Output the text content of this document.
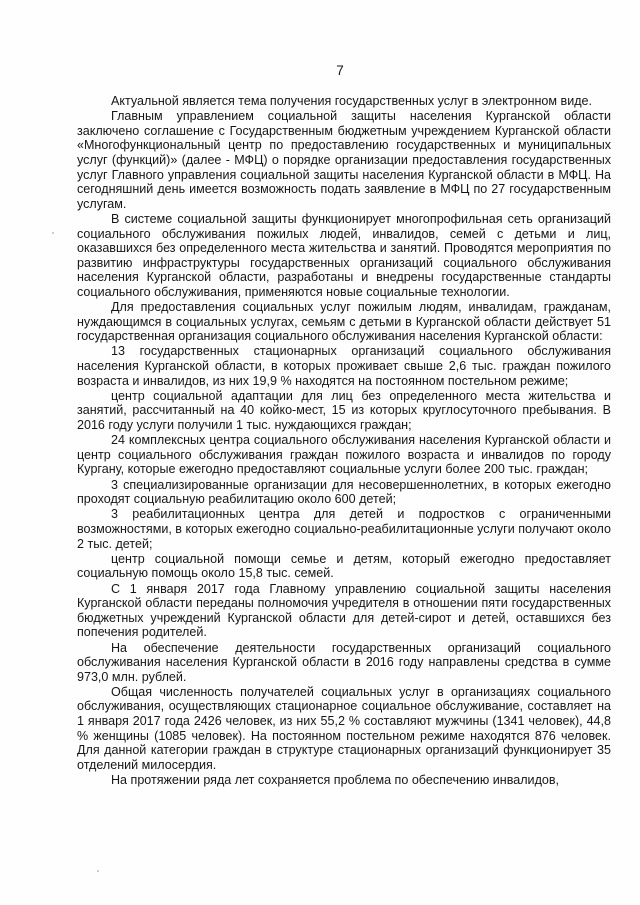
7

Актуальной является тема получения государственных услуг в электронном виде.

Главным управлением социальной защиты населения Курганской области заключено соглашение с Государственным бюджетным учреждением Курганской области «Многофункциональный центр по предоставлению государственных и муниципальных услуг (функций)» (далее - МФЦ) о порядке организации предоставления государственных услуг Главного управления социальной защиты населения Курганской области в МФЦ. На сегодняшний день имеется возможность подать заявление в МФЦ по 27 государственным услугам.

В системе социальной защиты функционирует многопрофильная сеть организаций социального обслуживания пожилых людей, инвалидов, семей с детьми и лиц, оказавшихся без определенного места жительства и занятий. Проводятся мероприятия по развитию инфраструктуры государственных организаций социального обслуживания населения Курганской области, разработаны и внедрены государственные стандарты социального обслуживания, применяются новые социальные технологии.

Для предоставления социальных услуг пожилым людям, инвалидам, гражданам, нуждающимся в социальных услугах, семьям с детьми в Курганской области действует 51 государственная организация социального обслуживания населения Курганской области:

13 государственных стационарных организаций социального обслуживания населения Курганской области, в которых проживает свыше 2,6 тыс. граждан пожилого возраста и инвалидов, из них 19,9 % находятся на постоянном постельном режиме;

центр социальной адаптации для лиц без определенного места жительства и занятий, рассчитанный на 40 койко-мест, 15 из которых круглосуточного пребывания. В 2016 году услуги получили 1 тыс. нуждающихся граждан;

24 комплексных центра социального обслуживания населения Курганской области и центр социального обслуживания граждан пожилого возраста и инвалидов по городу Кургану, которые ежегодно предоставляют социальные услуги более 200 тыс. граждан;

3 специализированные организации для несовершеннолетних, в которых ежегодно проходят социальную реабилитацию около 600 детей;

3 реабилитационных центра для детей и подростков с ограниченными возможностями, в которых ежегодно социально-реабилитационные услуги получают около 2 тыс. детей;

центр социальной помощи семье и детям, который ежегодно предоставляет социальную помощь около 15,8 тыс. семей.

С 1 января 2017 года Главному управлению социальной защиты населения Курганской области переданы полномочия учредителя в отношении пяти государственных бюджетных учреждений Курганской области для детей-сирот и детей, оставшихся без попечения родителей.

На обеспечение деятельности государственных организаций социального обслуживания населения Курганской области в 2016 году направлены средства в сумме 973,0 млн. рублей.

Общая численность получателей социальных услуг в организациях социального обслуживания, осуществляющих стационарное социальное обслуживание, составляет на 1 января 2017 года 2426 человек, из них 55,2 % составляют мужчины (1341 человек), 44,8 % женщины (1085 человек). На постоянном постельном режиме находятся 876 человек. Для данной категории граждан в структуре стационарных организаций функционирует 35 отделений милосердия.

На протяжении ряда лет сохраняется проблема по обеспечению инвалидов,
